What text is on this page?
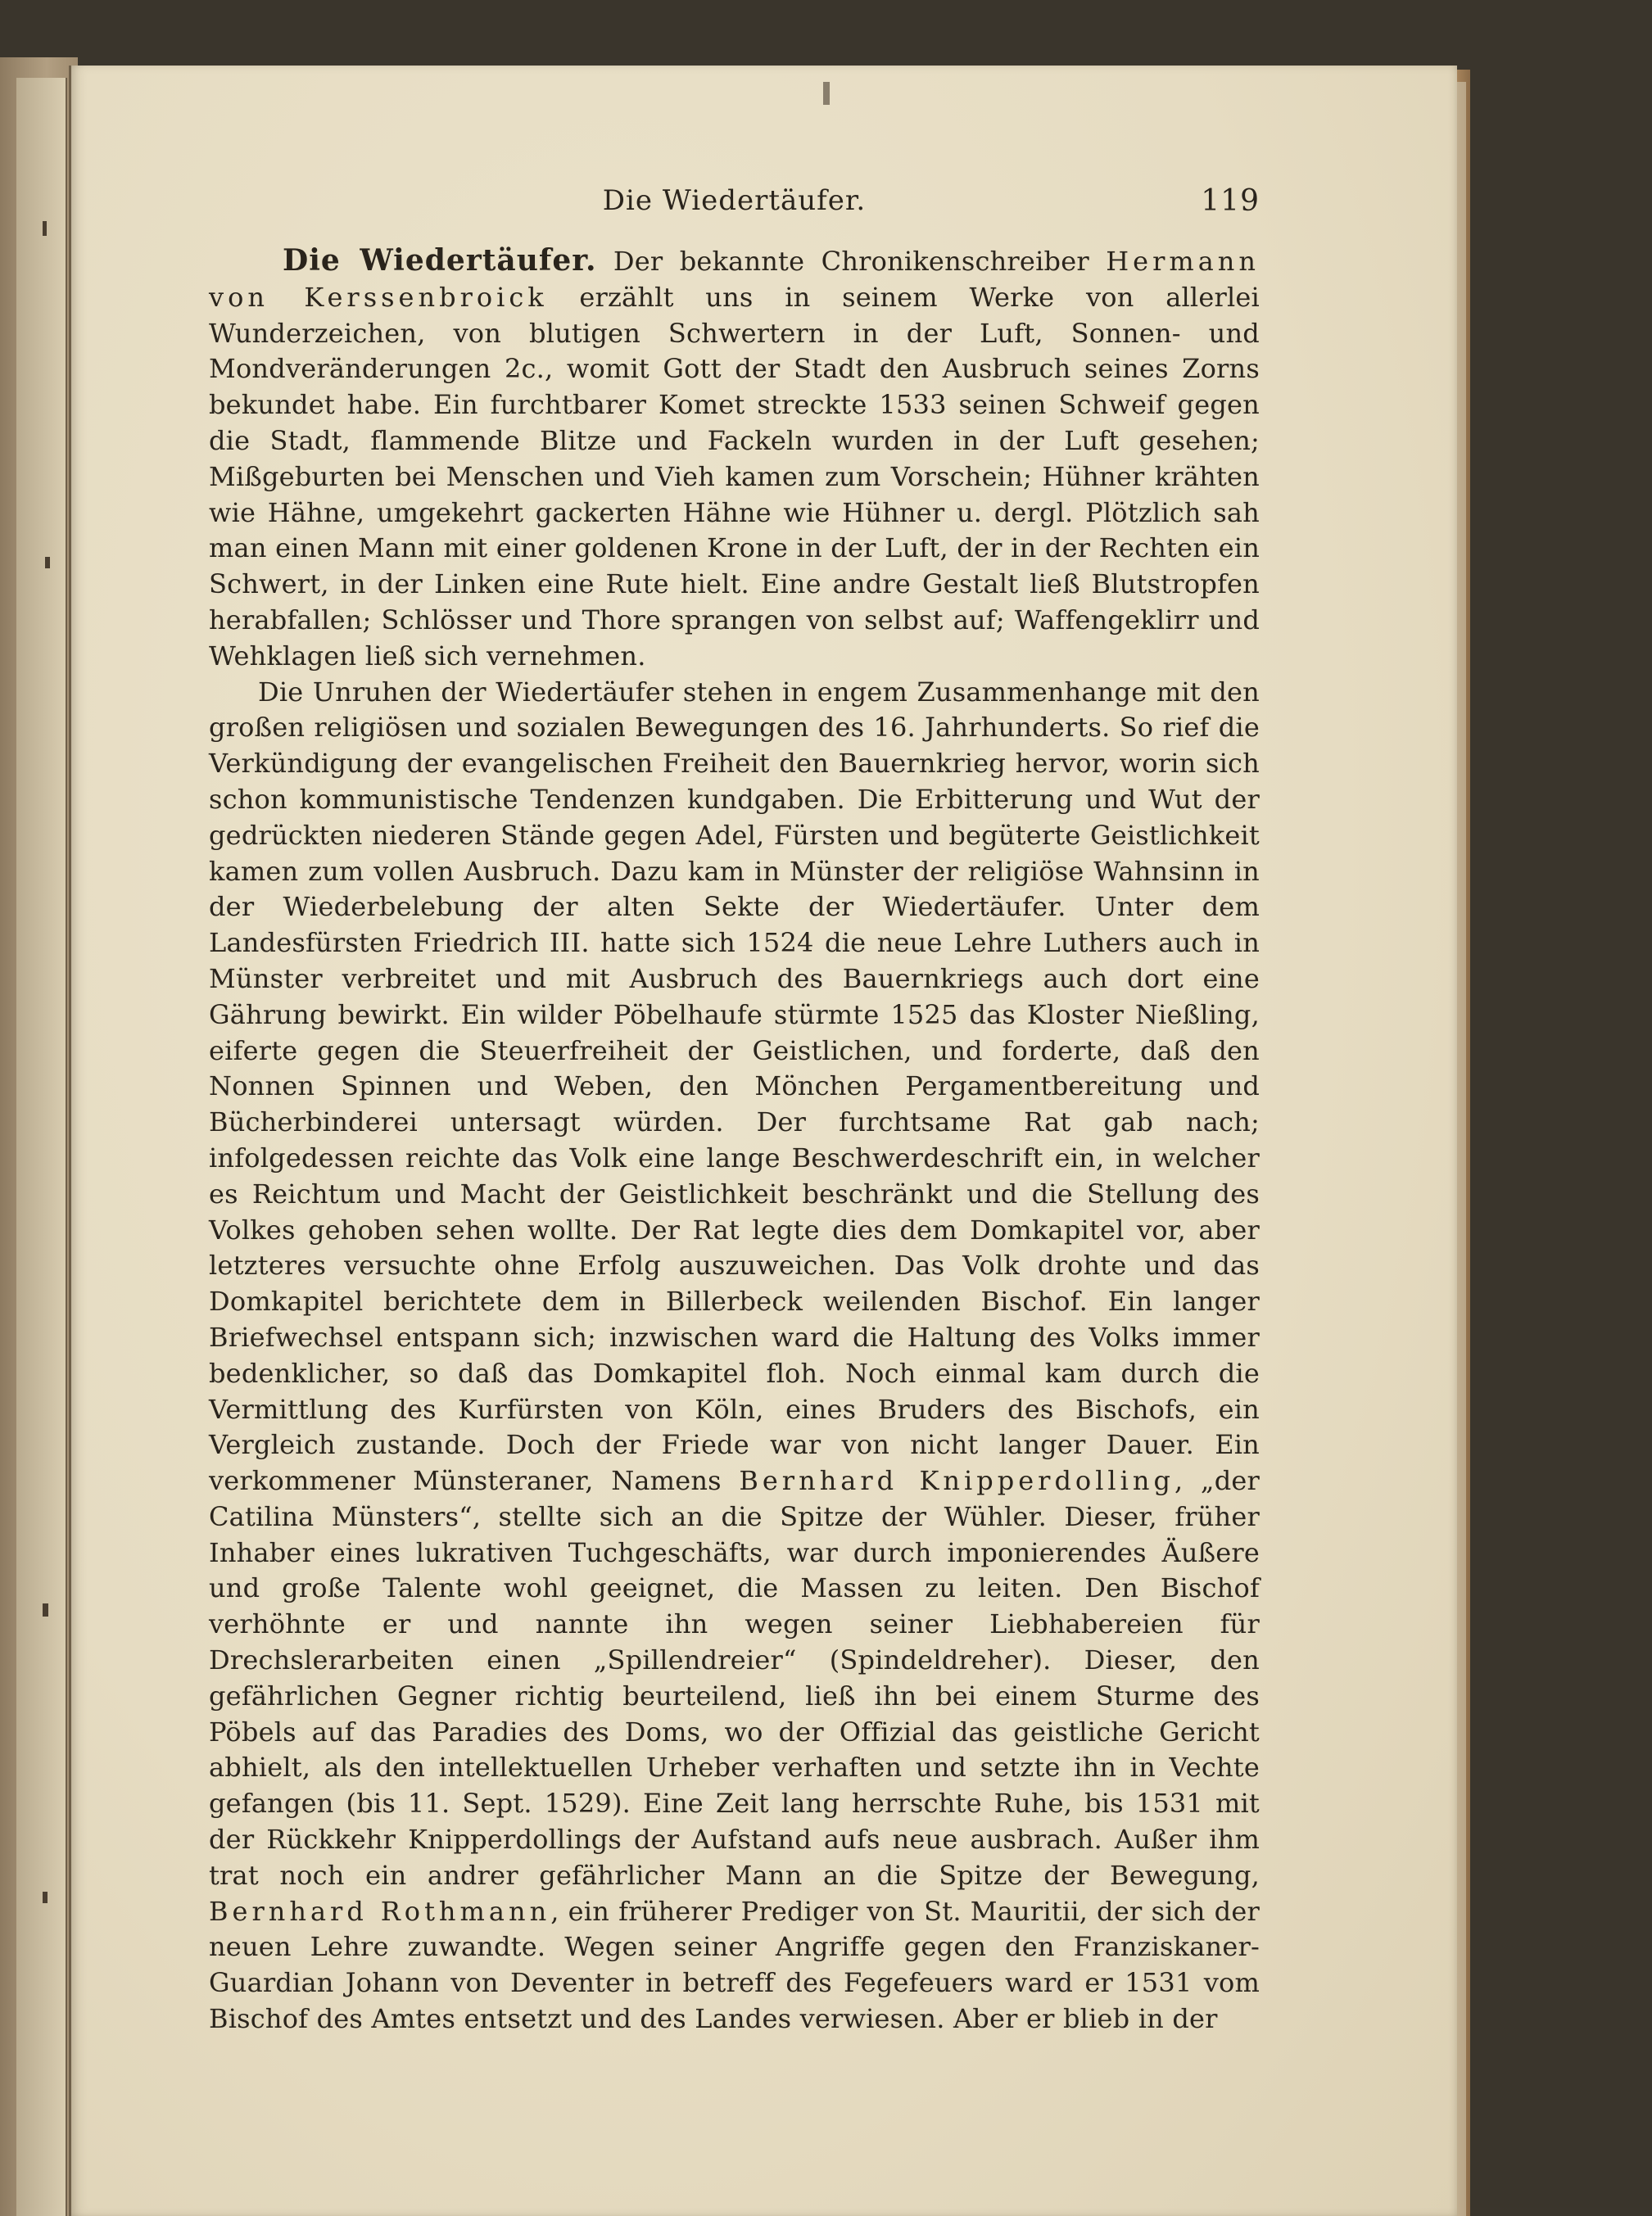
Die Wiedertäufer.	119

Die Wiedertäufer. Der bekannte Chronikenschreiber Hermann von Kerssenbroick erzählt uns in seinem Werke von allerlei Wunderzeichen, von blutigen Schwertern in der Luft, Sonnen- und Mondveränderungen 2c., womit Gott der Stadt den Ausbruch seines Zorns bekundet habe. Ein furchtbarer Komet streckte 1533 seinen Schweif gegen die Stadt, flammende Blitze und Fackeln wurden in der Luft gesehen; Mißgeburten bei Menschen und Vieh kamen zum Vorschein; Hühner krähten wie Hähne, umgekehrt gackerten Hähne wie Hühner u. dergl. Plötzlich sah man einen Mann mit einer goldenen Krone in der Luft, der in der Rechten ein Schwert, in der Linken eine Rute hielt. Eine andre Gestalt ließ Blutstropfen herabfallen; Schlösser und Thore sprangen von selbst auf; Waffengeklirr und Wehklagen ließ sich vernehmen.

Die Unruhen der Wiedertäufer stehen in engem Zusammenhange mit den großen religiösen und sozialen Bewegungen des 16. Jahrhunderts. So rief die Verkündigung der evangelischen Freiheit den Bauernkrieg hervor, worin sich schon kommunistische Tendenzen kundgaben. Die Erbitterung und Wut der gedrückten niederen Stände gegen Adel, Fürsten und begüterte Geistlichkeit kamen zum vollen Ausbruch. Dazu kam in Münster der religiöse Wahnsinn in der Wiederbelebung der alten Sekte der Wiedertäufer. Unter dem Landesfürsten Friedrich III. hatte sich 1524 die neue Lehre Luthers auch in Münster verbreitet und mit Ausbruch des Bauernkriegs auch dort eine Gährung bewirkt. Ein wilder Pöbelhaufe stürmte 1525 das Kloster Nießling, eiferte gegen die Steuerfreiheit der Geistlichen, und forderte, daß den Nonnen Spinnen und Weben, den Mönchen Pergamentbereitung und Bücherbinderei untersagt würden. Der furchtsame Rat gab nach; infolgedessen reichte das Volk eine lange Beschwerdeschrift ein, in welcher es Reichtum und Macht der Geistlichkeit beschränkt und die Stellung des Volkes gehoben sehen wollte. Der Rat legte dies dem Domkapitel vor, aber letzteres versuchte ohne Erfolg auszuweichen. Das Volk drohte und das Domkapitel berichtete dem in Billerbeck weilenden Bischof. Ein langer Briefwechsel entspann sich; inzwischen ward die Haltung des Volks immer bedenklicher, so daß das Domkapitel floh. Noch einmal kam durch die Vermittlung des Kurfürsten von Köln, eines Bruders des Bischofs, ein Vergleich zustande. Doch der Friede war von nicht langer Dauer. Ein verkommener Münsteraner, Namens Bernhard Knipperdolling, „der Catilina Münsters“, stellte sich an die Spitze der Wühler. Dieser, früher Inhaber eines lukrativen Tuchgeschäfts, war durch imponierendes Äußere und große Talente wohl geeignet, die Massen zu leiten. Den Bischof verhöhnte er und nannte ihn wegen seiner Liebhabereien für Drechslerarbeiten einen „Spillendreier“ (Spindeldreher). Dieser, den gefährlichen Gegner richtig beurteilend, ließ ihn bei einem Sturme des Pöbels auf das Paradies des Doms, wo der Offizial das geistliche Gericht abhielt, als den intellektuellen Urheber verhaften und setzte ihn in Vechte gefangen (bis 11. Sept. 1529). Eine Zeit lang herrschte Ruhe, bis 1531 mit der Rückkehr Knipperdollings der Aufstand aufs neue ausbrach. Außer ihm trat noch ein andrer gefährlicher Mann an die Spitze der Bewegung, Bernhard Rothmann, ein früherer Prediger von St. Mauritii, der sich der neuen Lehre zuwandte. Wegen seiner Angriffe gegen den Franziskaner-Guardian Johann von Deventer in betreff des Fegefeuers ward er 1531 vom Bischof des Amtes entsetzt und des Landes verwiesen. Aber er blieb in der
